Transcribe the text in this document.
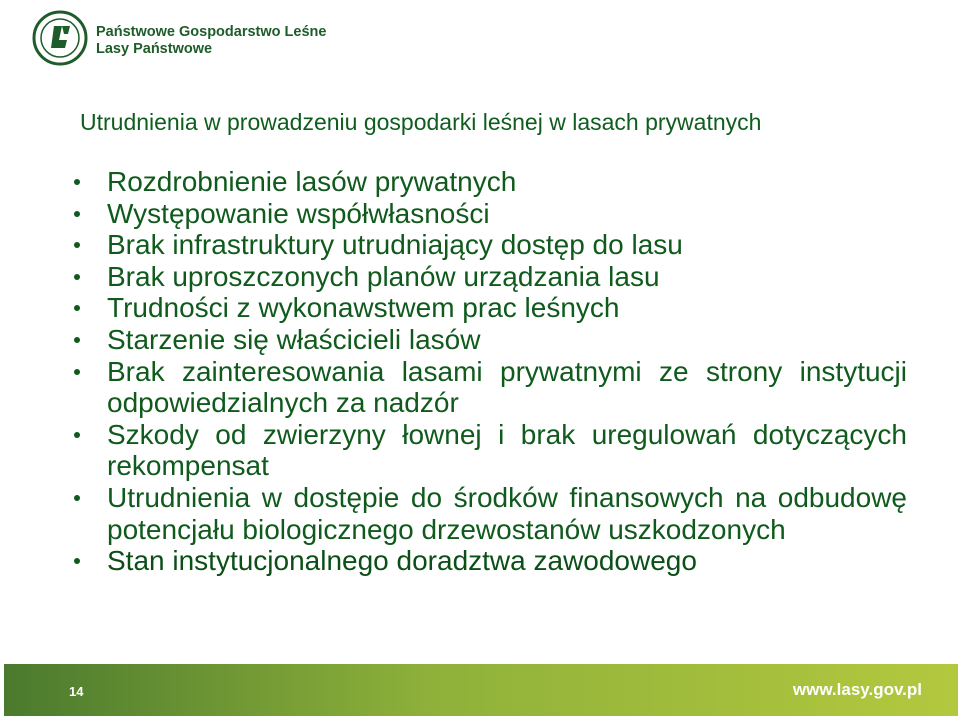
Państwowe Gospodarstwo Leśne
Lasy Państwowe
Utrudnienia w prowadzeniu gospodarki leśnej w lasach prywatnych
Rozdrobnienie lasów prywatnych
Występowanie współwłasności
Brak infrastruktury utrudniający dostęp do lasu
Brak uproszczonych planów urządzania lasu
Trudności z wykonawstwem prac leśnych
Starzenie się właścicieli lasów
Brak zainteresowania lasami prywatnymi ze strony instytucji odpowiedzialnych za nadzór
Szkody od zwierzyny łownej i brak uregulowań dotyczących rekompensat
Utrudnienia w dostępie do środków finansowych na odbudowę potencjału biologicznego drzewostanów uszkodzonych
Stan instytucjonalnego doradztwa zawodowego
14	www.lasy.gov.pl
